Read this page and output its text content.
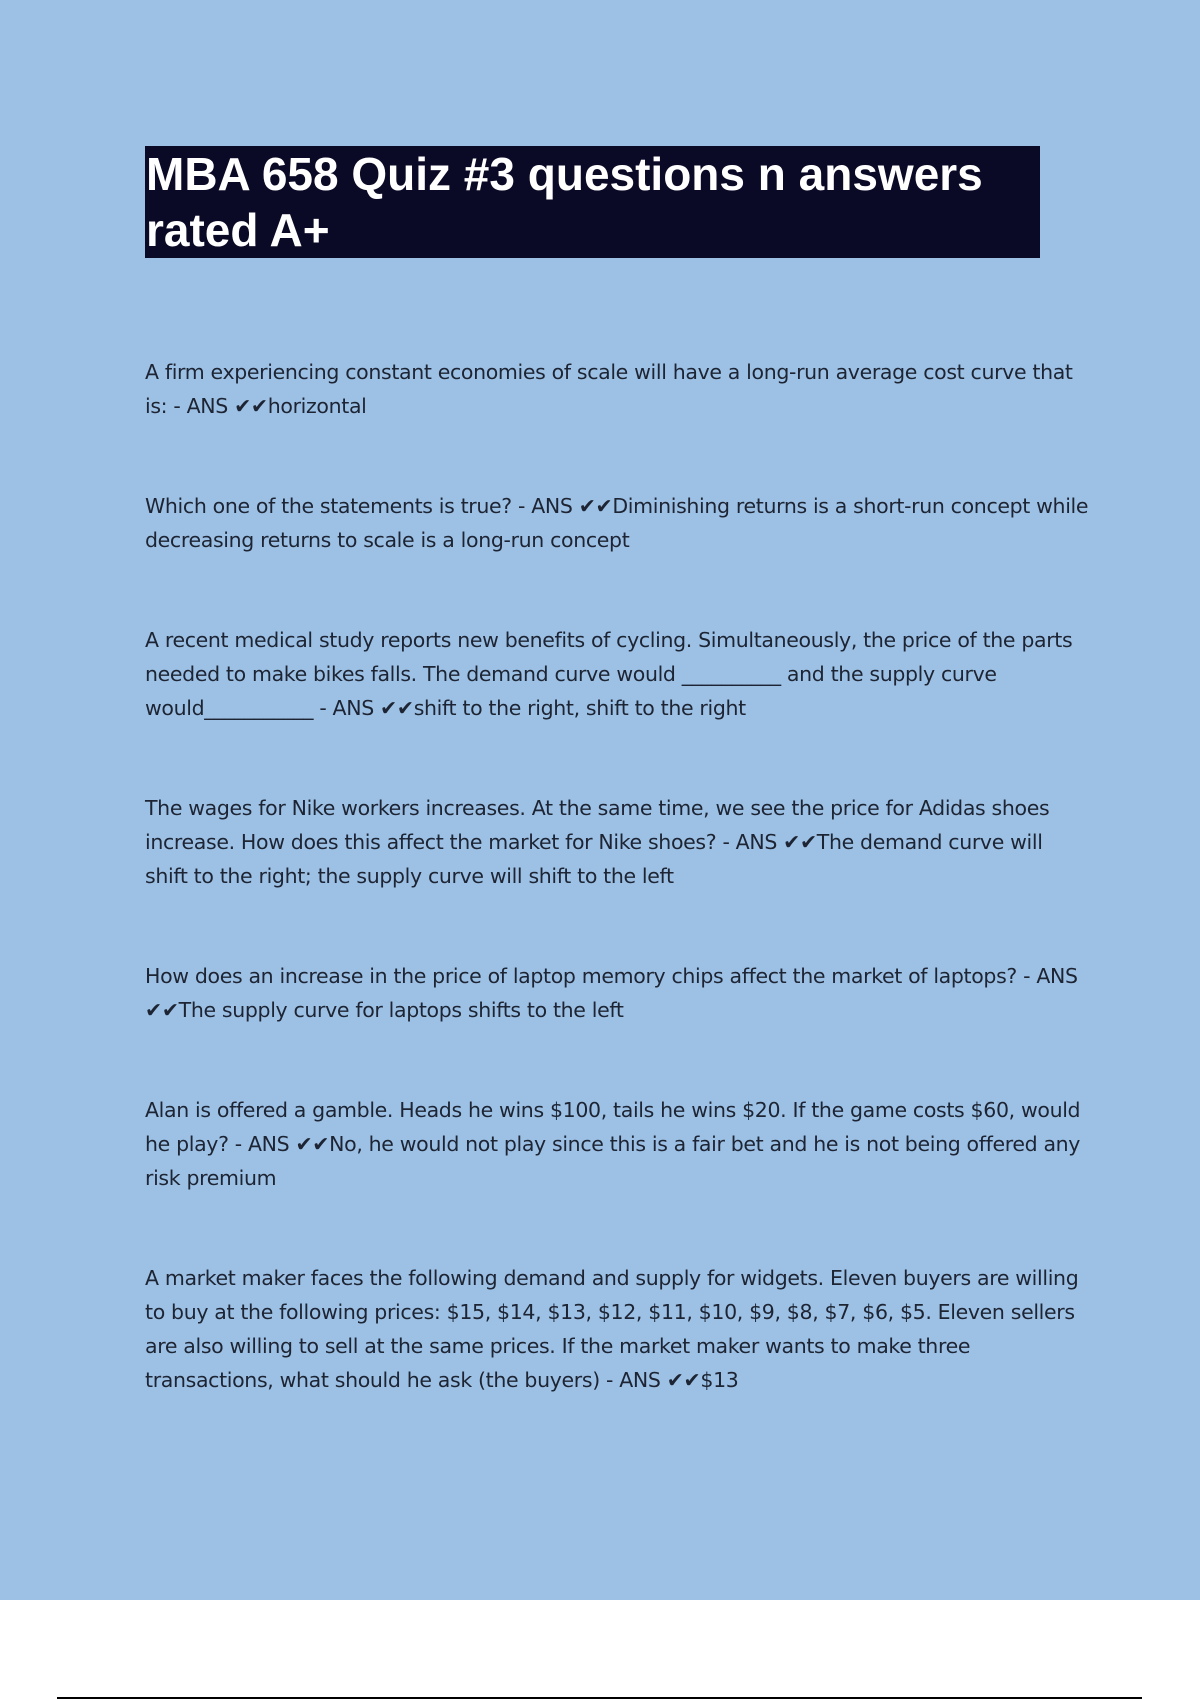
MBA 658 Quiz #3 questions n answers
rated A+
A firm experiencing constant economies of scale will have a long-run average cost curve that is: - ANS ✔✔horizontal
Which one of the statements is true? - ANS ✔✔Diminishing returns is a short-run concept while decreasing returns to scale is a long-run concept
A recent medical study reports new benefits of cycling. Simultaneously, the price of the parts needed to make bikes falls. The demand curve would __________ and the supply curve would___________ - ANS ✔✔shift to the right, shift to the right
The wages for Nike workers increases. At the same time, we see the price for Adidas shoes increase. How does this affect the market for Nike shoes? - ANS ✔✔The demand curve will shift to the right; the supply curve will shift to the left
How does an increase in the price of laptop memory chips affect the market of laptops? - ANS ✔✔The supply curve for laptops shifts to the left
Alan is offered a gamble. Heads he wins $100, tails he wins $20. If the game costs $60, would he play? - ANS ✔✔No, he would not play since this is a fair bet and he is not being offered any risk premium
A market maker faces the following demand and supply for widgets. Eleven buyers are willing to buy at the following prices: $15, $14, $13, $12, $11, $10, $9, $8, $7, $6, $5. Eleven sellers are also willing to sell at the same prices. If the market maker wants to make three transactions, what should he ask (the buyers) - ANS ✔✔$13
